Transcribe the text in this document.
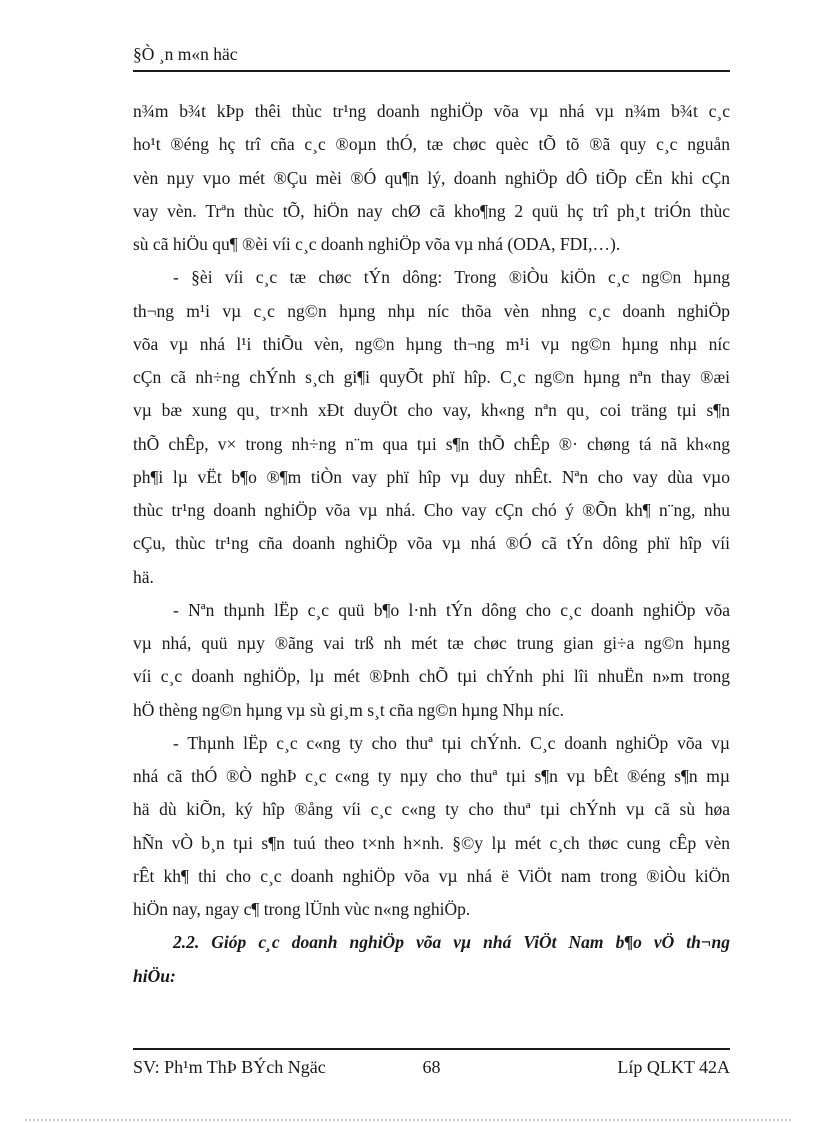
§Ò ¸n m«n häc
n¾m b¾t kÞp thêi thùc tr¹ng doanh nghiÖp võa vµ nhá vµ n¾m b¾t c¸c
ho¹t ®éng hç trî cña c¸c ®oµn thÓ, tæ chøc quèc tÕ tõ ®ã quy c¸c nguån
vèn nµy vµo mét ®Çu mèi ®Ó qu¶n lý, doanh nghiÖp dÔ tiÕp cËn khi cÇn
vay vèn. Trªn thùc tÕ, hiÖn nay chØ cã kho¶ng 2 quü hç trî ph¸t triÓn thùc
sù cã hiÖu qu¶ ®èi víi c¸c doanh nghiÖp võa vµ nhá (ODA, FDI,…).
- §èi víi c¸c tæ chøc tÝn dông: Trong ®iÒu kiÖn c¸c ng©n hµng
th¬ng m¹i vµ c¸c ng©n hµng nhµ níc thõa vèn nhng c¸c doanh nghiÖp
võa vµ nhá l¹i thiÕu vèn, ng©n hµng th¬ng m¹i vµ ng©n hµng nhµ níc
cÇn cã nh÷ng chÝnh s¸ch gi¶i quyÕt phï hîp. C¸c ng©n hµng nªn thay ®æi
vµ bæ xung qu¸ tr×nh xÐt duyÖt cho vay, kh«ng nªn qu¸ coi träng tµi s¶n
thÕ chÊp, v× trong nh÷ng n¨m qua tµi s¶n thÕ chÊp ®· chøng tá nã kh«ng
ph¶i lµ vËt b¶o ®¶m tiÒn vay phï hîp vµ duy nhÊt. Nªn cho vay dùa vµo
thùc tr¹ng doanh nghiÖp võa vµ nhá. Cho vay cÇn chó ý ®Õn kh¶ n¨ng, nhu
cÇu, thùc tr¹ng cña doanh nghiÖp võa vµ nhá ®Ó cã tÝn dông phï hîp víi
hä.
- Nªn thµnh lËp c¸c quü b¶o l·nh tÝn dông cho c¸c doanh nghiÖp võa
vµ nhá, quü nµy ®ãng vai trß nh mét tæ chøc trung gian gi÷a ng©n hµng
víi c¸c doanh nghiÖp, lµ mét ®Þnh chÕ tµi chÝnh phi lîi nhuËn n»m trong
hÖ thèng ng©n hµng vµ sù gi¸m s¸t cña ng©n hµng Nhµ níc.
- Thµnh lËp c¸c c«ng ty cho thuª tµi chÝnh. C¸c doanh nghiÖp võa vµ
nhá cã thÓ ®Ò nghÞ c¸c c«ng ty nµy cho thuª tµi s¶n vµ bÊt ®éng s¶n mµ
hä dù kiÕn, ký hîp ®ång víi c¸c c«ng ty cho thuª tµi chÝnh vµ cã sù høa
hÑn vÒ b¸n tµi s¶n tuú theo t×nh h×nh. §©y lµ mét c¸ch thøc cung cÊp vèn
rÊt kh¶ thi cho c¸c doanh nghiÖp võa vµ nhá ë ViÖt nam trong ®iÒu kiÖn
hiÖn nay, ngay c¶ trong lÜnh vùc n«ng nghiÖp.
2.2. Gióp c¸c doanh nghiÖp võa vµ nhá ViÖt Nam b¶o vÖ th¬ng
hiÖu:
SV: Ph¹m ThÞ BÝch Ngäc	68	Líp QLKT 42A
